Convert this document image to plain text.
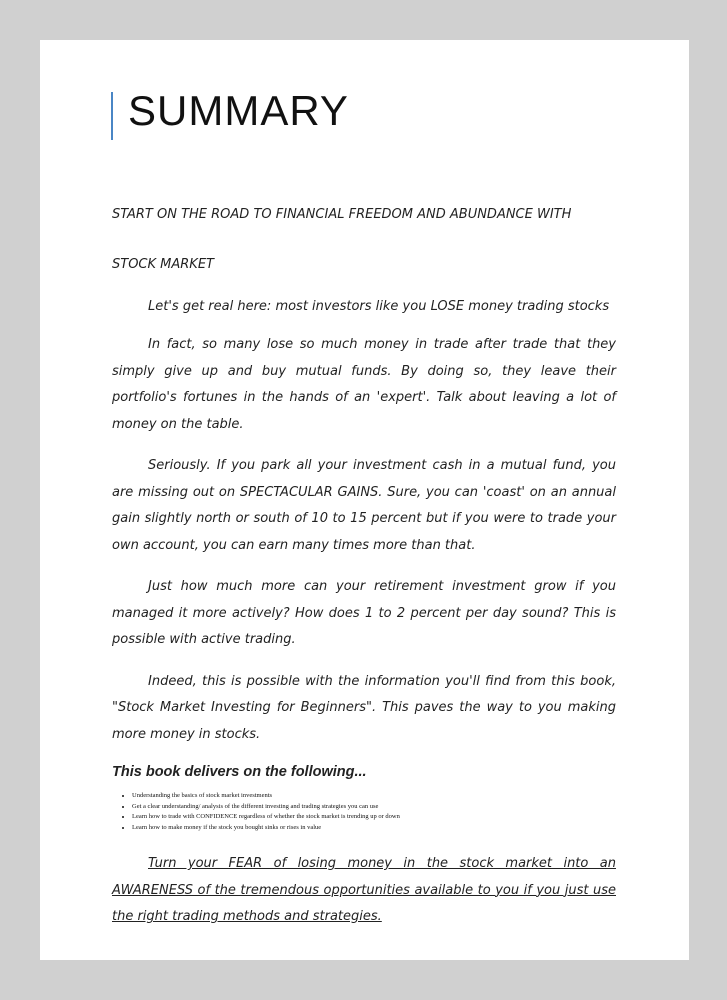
SUMMARY

START ON THE ROAD TO FINANCIAL FREEDOM AND ABUNDANCE WITH

STOCK MARKET

Let's get real here: most investors like you LOSE money trading stocks

In fact, so many lose so much money in trade after trade that they simply give up and buy mutual funds. By doing so, they leave their portfolio's fortunes in the hands of an 'expert'. Talk about leaving a lot of money on the table.

Seriously. If you park all your investment cash in a mutual fund, you are missing out on SPECTACULAR GAINS. Sure, you can 'coast' on an annual gain slightly north or south of 10 to 15 percent but if you were to trade your own account, you can earn many times more than that.

Just how much more can your retirement investment grow if you managed it more actively? How does 1 to 2 percent per day sound? This is possible with active trading.

Indeed, this is possible with the information you'll find from this book, "Stock Market Investing for Beginners". This paves the way to you making more money in stocks.

This book delivers on the following...

• Understanding the basics of stock market investments
• Get a clear understanding/ analysis of the different investing and trading strategies you can use
• Learn how to trade with CONFIDENCE regardless of whether the stock market is trending up or down
• Learn how to make money if the stock you bought sinks or rises in value

Turn your FEAR of losing money in the stock market into an AWARENESS of the tremendous opportunities available to you if you just use the right trading methods and strategies.
